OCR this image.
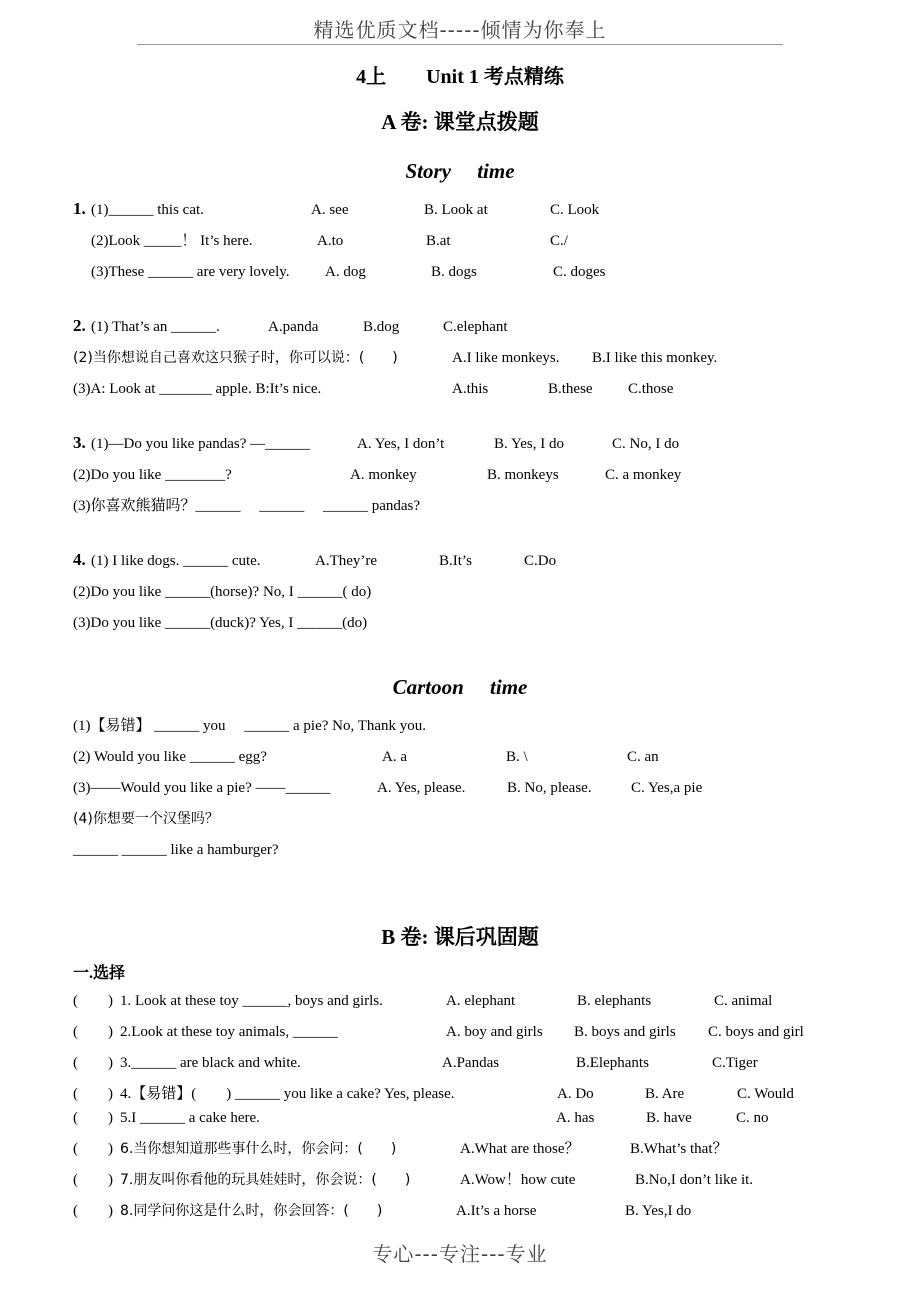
精选优质文档-----倾情为你奉上
4上　　Unit 1 考点精练
A 卷: 课堂点拨题
Story　 time
1. (1)______ this cat.	A. see	B. Look at	C. Look
(2)Look _____！ It’s here.	A.to	B.at	C./
(3)These ______ are very lovely. A. dog	B. dogs	C. doges
2. (1) That’s an ______.	A.panda	B.dog	C.elephant
(2)当你想说自己喜欢这只猴子时，你可以说：(　　)	A.I like monkeys. B.I like this monkey.
(3)A: Look at _______ apple. B:It’s nice.	A.this	B.these C.those
3. (1)—Do you like pandas? —______	A. Yes, I don’t	B. Yes, I do	C. No, I do
(2)Do you like ________?	A. monkey	B. monkeys	C. a monkey
(3)你喜欢熊猫吗？______　 ______　 ______ pandas?
4. (1) I like dogs. ______ cute.	A.They’re	B.It’s	C.Do
(2)Do you like ______(horse)? No, I ______( do)
(3)Do you like ______(duck)? Yes, I ______(do)
Cartoon　 time
(1)【易错】 ______ you　 ______ a pie? No, Thank you.
(2) Would you like ______ egg?	A. a	B. \	C. an
(3)——Would you like a pie? ——______	A. Yes, please.	B. No, please.	C. Yes,a pie
(4)你想要一个汉堡吗？
______ ______ like a hamburger?
B 卷: 课后巩固题
一.选择
(　　) 1. Look at these toy ______, boys and girls.	A. elephant	B. elephants	C. animal
(　　) 2.Look at these toy animals, ______	A. boy and girls B. boys and girls C. boys and girl
(　　) 3.______ are black and white.	A.Pandas	B.Elephants	C.Tiger
(　　) 4.【易错】(　　) ______ you like a cake? Yes, please.	A. Do	B. Are	C. Would
(　　) 5.I ______ a cake here.	A. has	B. have	C. no
(　　) 6.当你想知道那些事什么时，你会问：(　　)	A.What are those？	B.What’s that？
(　　) 7.朋友叫你看他的玩具娃娃时，你会说：(　　)	A.Wow！how cute	B.No,I don’t like it.
(　　) 8.同学问你这是什么时，你会回答：(　　)	A.It’s a horse	B. Yes,I do
专心---专注---专业
